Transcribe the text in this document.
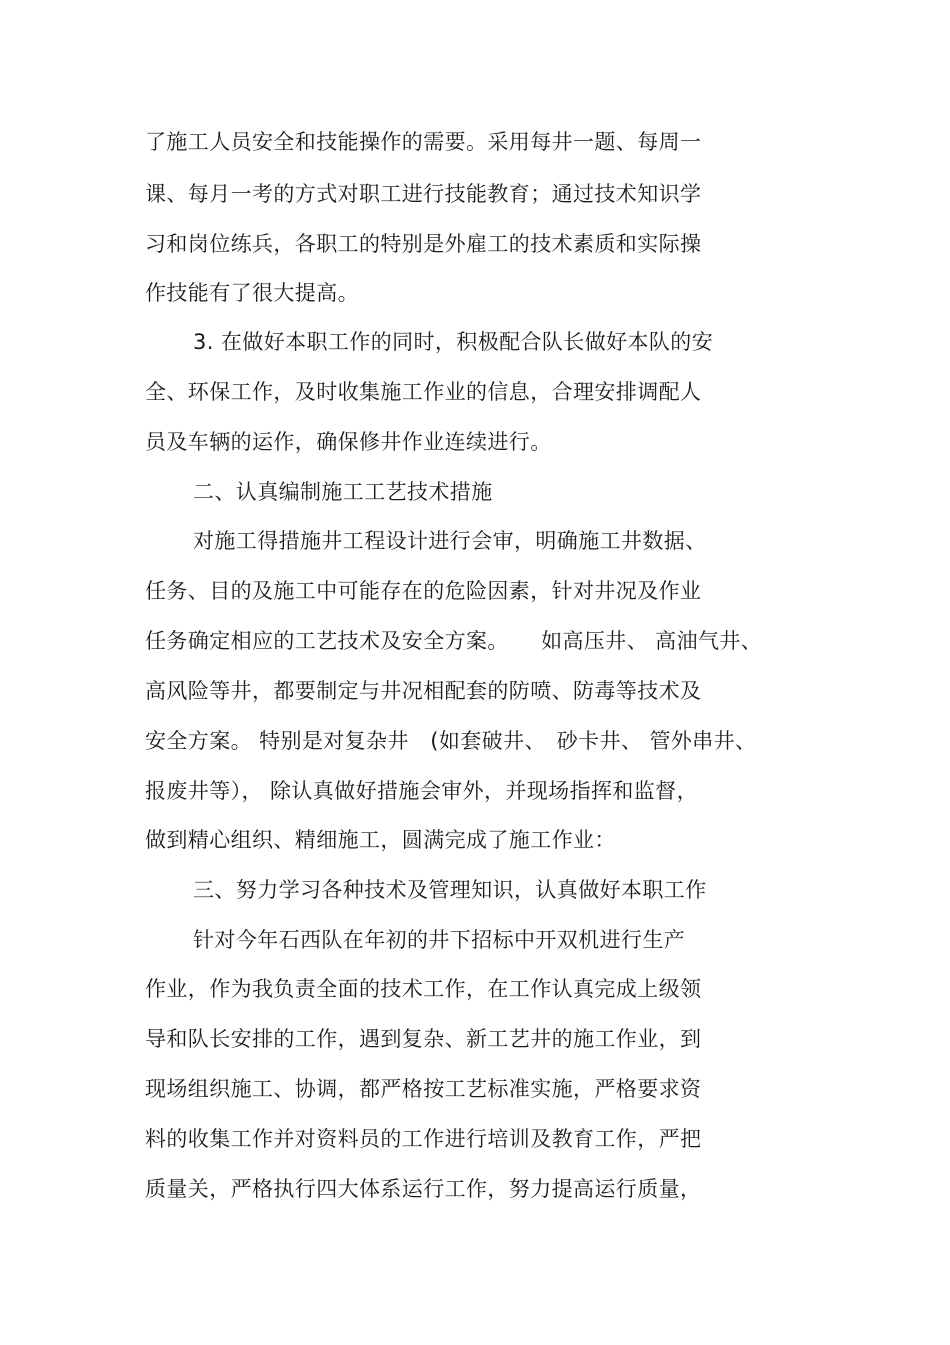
了施工人员安全和技能操作的需要。采用每井一题、每周一
课、每月一考的方式对职工进行技能教育；通过技术知识学
习和岗位练兵，各职工的特别是外雇工的技术素质和实际操
作技能有了很大提高。
3. 在做好本职工作的同时，积极配合队长做好本队的安
全、环保工作，及时收集施工作业的信息，合理安排调配人
员及车辆的运作，确保修井作业连续进行。
二、认真编制施工工艺技术措施
对施工得措施井工程设计进行会审，明确施工井数据、
任务、目的及施工中可能存在的危险因素，针对井况及作业
任务确定相应的工艺技术及安全方案。　　如高压井、 高油气井、
高风险等井，都要制定与井况相配套的防喷、防毒等技术及
安全方案。 特别是对复杂井　(如套破井、　砂卡井、 管外串井、
报废井等）， 除认真做好措施会审外，并现场指挥和监督，
做到精心组织、精细施工，圆满完成了施工作业：
三、努力学习各种技术及管理知识，认真做好本职工作
针对今年石西队在年初的井下招标中开双机进行生产
作业，作为我负责全面的技术工作，在工作认真完成上级领
导和队长安排的工作，遇到复杂、新工艺井的施工作业，到
现场组织施工、协调，都严格按工艺标准实施，严格要求资
料的收集工作并对资料员的工作进行培训及教育工作，严把
质量关，严格执行四大体系运行工作，努力提高运行质量，
